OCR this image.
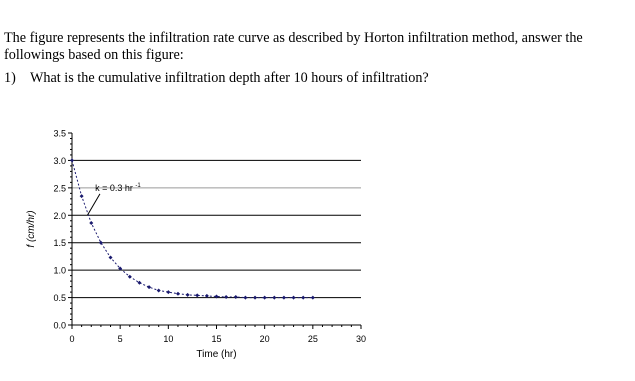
The figure represents the infiltration rate curve as described by Horton infiltration method, answer the followings based on this figure:

1) What is the cumulative infiltration depth after 10 hours of infiltration?

0.0
0.5
1.0
1.5
2.0
2.5
3.0
3.5
0	5	10	15	20	25	30
k = 0.3 hr $^{-1}$
Time (hr)
f (cm/hr)
